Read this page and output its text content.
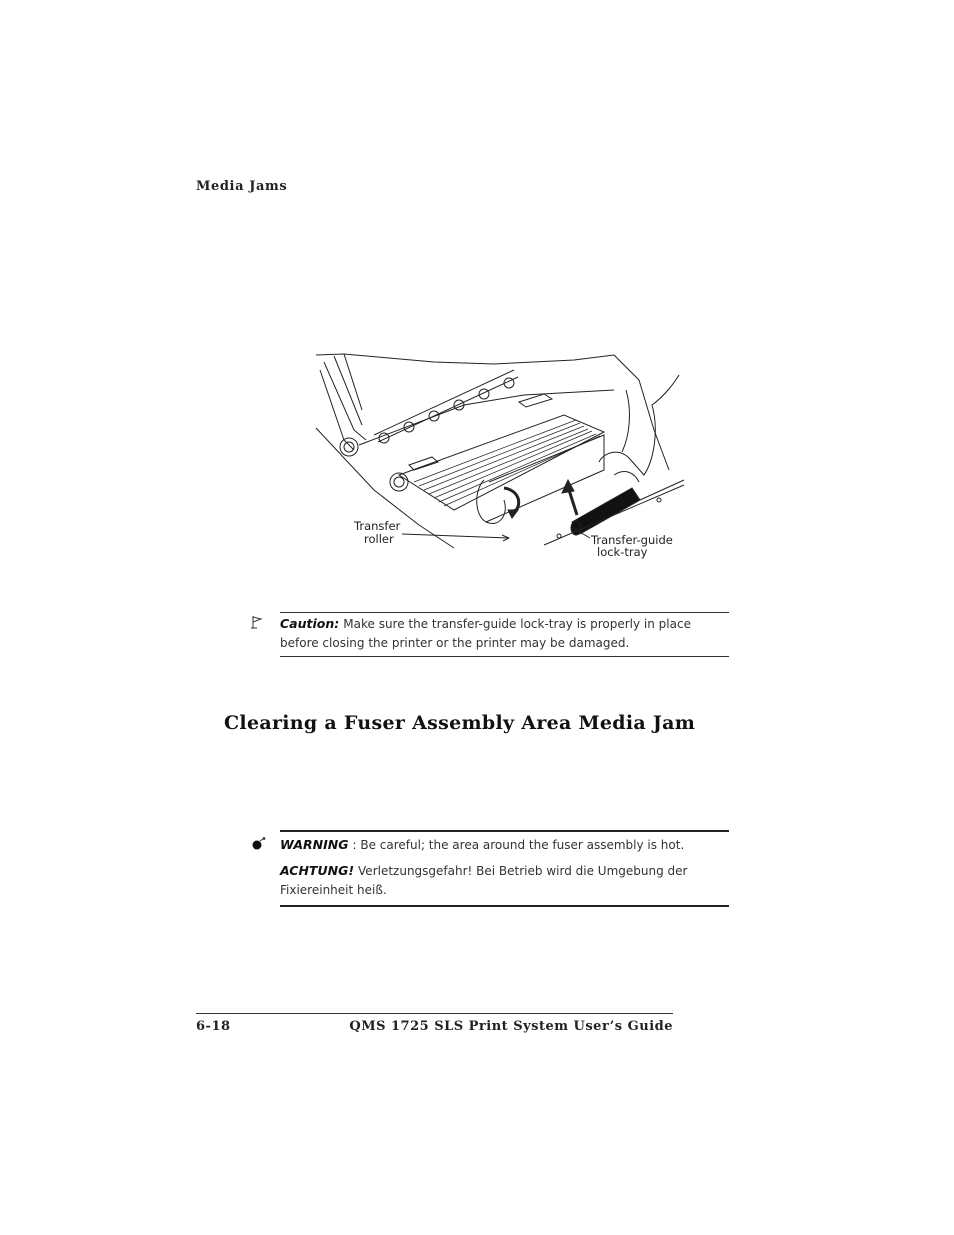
Media Jams
Transfer
roller	Transfer-guide
lock-tray
Caution: Make sure the transfer-guide lock-tray is properly in place before closing the printer or the printer may be damaged.
Clearing a Fuser Assembly Area Media Jam

WARNING : Be careful; the area around the fuser assembly is hot.

ACHTUNG! Verletzungsgefahr! Bei Betrieb wird die Umgebung der Fixiereinheit heiß.

6-18	QMS 1725 SLS Print System User’s Guide
